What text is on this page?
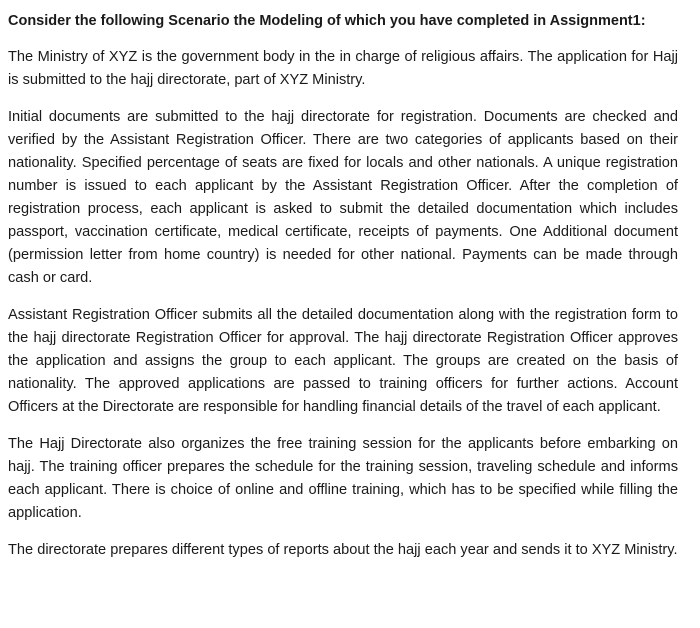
Consider the following Scenario the Modeling of which you have completed in Assignment1:

The Ministry of XYZ is the government body in the in charge of religious affairs. The application for Hajj is submitted to the hajj directorate, part of XYZ Ministry.

Initial documents are submitted to the hajj directorate for registration. Documents are checked and verified by the Assistant Registration Officer. There are two categories of applicants based on their nationality. Specified percentage of seats are fixed for locals and other nationals. A unique registration number is issued to each applicant by the Assistant Registration Officer. After the completion of registration process, each applicant is asked to submit the detailed documentation which includes passport, vaccination certificate, medical certificate, receipts of payments. One Additional document (permission letter from home country) is needed for other national. Payments can be made through cash or card.

Assistant Registration Officer submits all the detailed documentation along with the registration form to the hajj directorate Registration Officer for approval. The hajj directorate Registration Officer approves the application and assigns the group to each applicant. The groups are created on the basis of nationality. The approved applications are passed to training officers for further actions. Account Officers at the Directorate are responsible for handling financial details of the travel of each applicant.

The Hajj Directorate also organizes the free training session for the applicants before embarking on hajj. The training officer prepares the schedule for the training session, traveling schedule and informs each applicant. There is choice of online and offline training, which has to be specified while filling the application.

The directorate prepares different types of reports about the hajj each year and sends it to XYZ Ministry.
